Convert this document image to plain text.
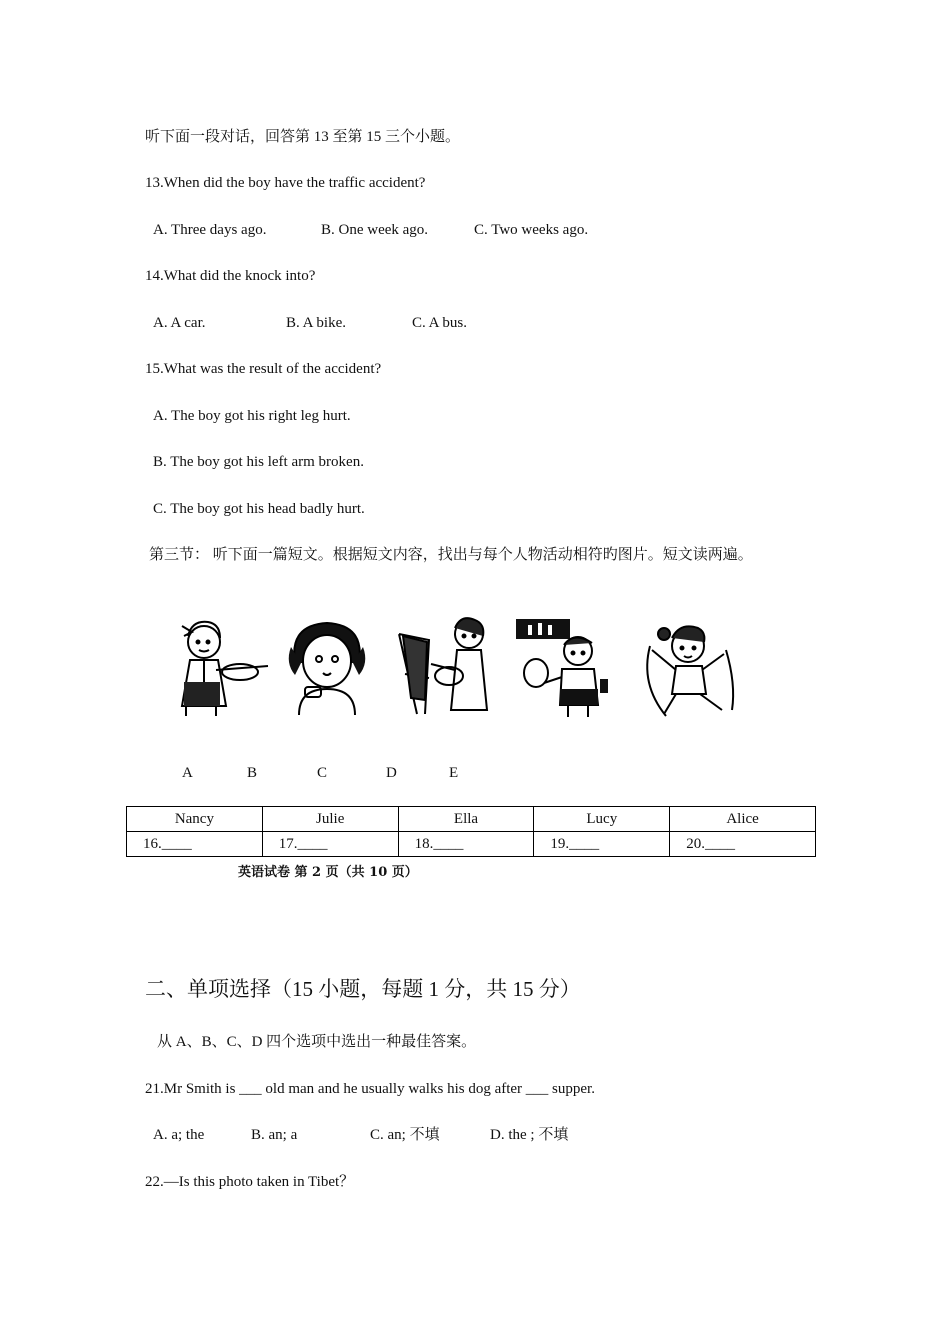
听下面一段对话，回答第 13 至第 15 三个小题。
13.When did the boy have the traffic accident?
A. Three days ago.	B. One week ago.	C. Two weeks ago.
14.What did the knock into?
A. A car.	B. A bike.	C. A bus.
15.What was the result of the accident?
A. The boy got his right leg hurt.
B. The boy got his left arm broken.
C. The boy got his head badly hurt.
第三节： 听下面一篇短文。根据短文内容，找出与每个人物活动相符旳图片。短文读两遍。
A	B	C	D	E
Nancy	Julie	Ella	Lucy	Alice
16.____	17.____	18.____	19.____	20.____
英语试卷 第 2 页（共 10 页）
二、单项选择（15 小题，每题 1 分，共 15 分）
从 A、B、C、D 四个选项中选出一种最佳答案。
21.Mr Smith is ___ old man and he usually walks his dog after ___ supper.
A. a; the	B. an; a	C. an; 不填	D. the ; 不填
22.—Is this photo taken in Tibet？
